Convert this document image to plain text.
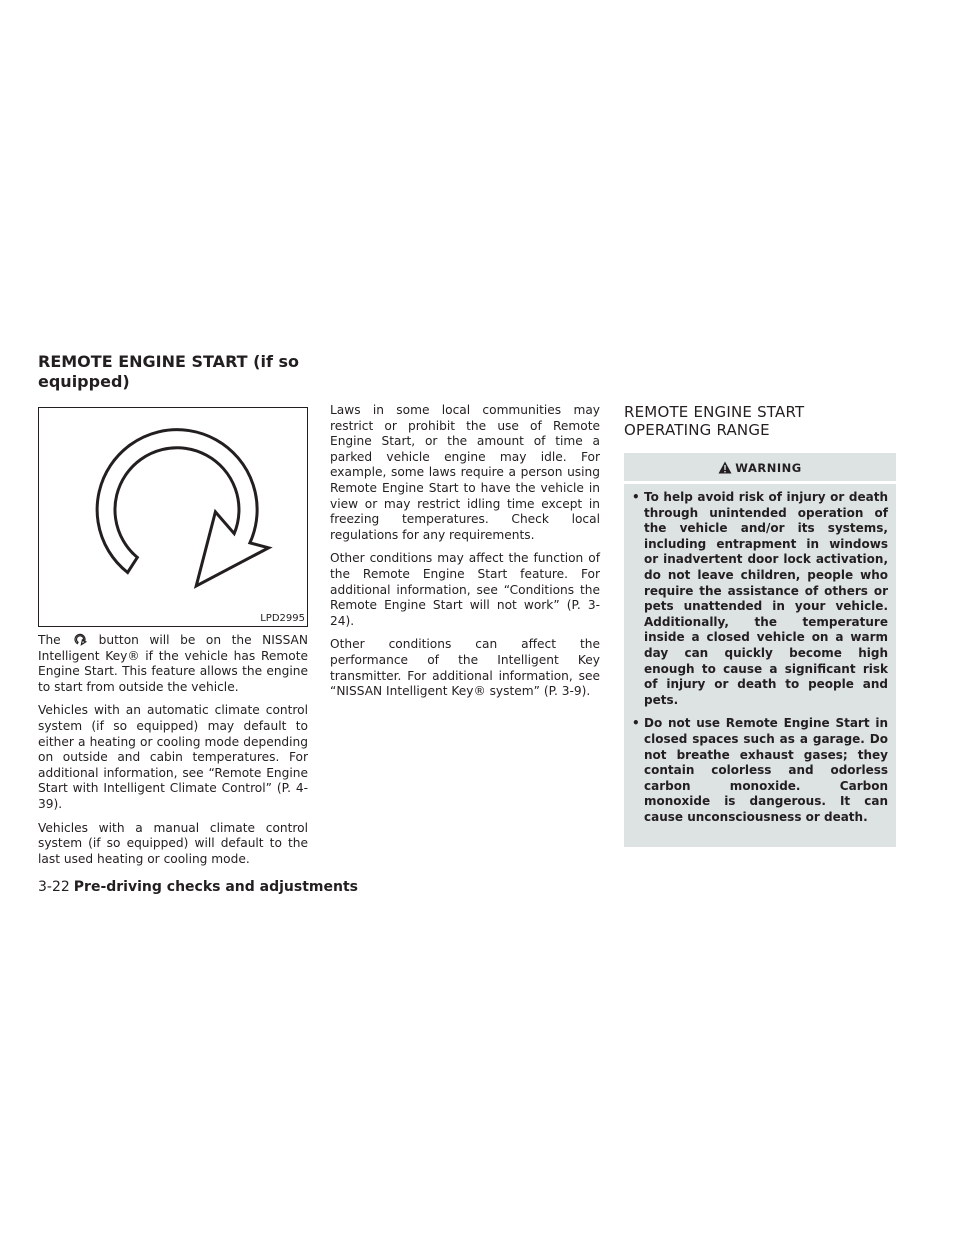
REMOTE ENGINE START (if so
equipped)
LPD2995

The	button will be on the NISSAN Intelligent Key® if the vehicle has Remote Engine Start. This feature allows the engine to start from outside the vehicle.

Vehicles with an automatic climate control system (if so equipped) may default to either a heating or cooling mode depending on outside and cabin temperatures. For additional information, see “Remote Engine Start with Intelligent Climate Control” (P. 4-39).

Vehicles with a manual climate control system (if so equipped) will default to the last used heating or cooling mode.

Laws in some local communities may restrict or prohibit the use of Remote Engine Start, or the amount of time a parked vehicle engine may idle. For example, some laws require a person using Remote Engine Start to have the vehicle in view or may restrict idling time except in freezing temperatures. Check local regulations for any requirements.

Other conditions may affect the function of the Remote Engine Start feature. For additional information, see “Conditions the Remote Engine Start will not work” (P. 3-24).

Other conditions can affect the performance of the Intelligent Key transmitter. For additional information, see “NISSAN Intelligent Key® system” (P. 3-9).

REMOTE ENGINE START
OPERATING RANGE
WARNING
• To help avoid risk of injury or death through unintended operation of the vehicle and/or its systems, including entrapment in windows or inadvertent door lock activation, do not leave children, people who require the assistance of others or pets unattended in your vehicle. Additionally, the temperature inside a closed vehicle on a warm day can quickly become high enough to cause a significant risk of injury or death to people and pets.
• Do not use Remote Engine Start in closed spaces such as a garage. Do not breathe exhaust gases; they contain colorless and odorless carbon monoxide. Carbon monoxide is dangerous. It can cause unconsciousness or death.
3-22 Pre-driving checks and adjustments
